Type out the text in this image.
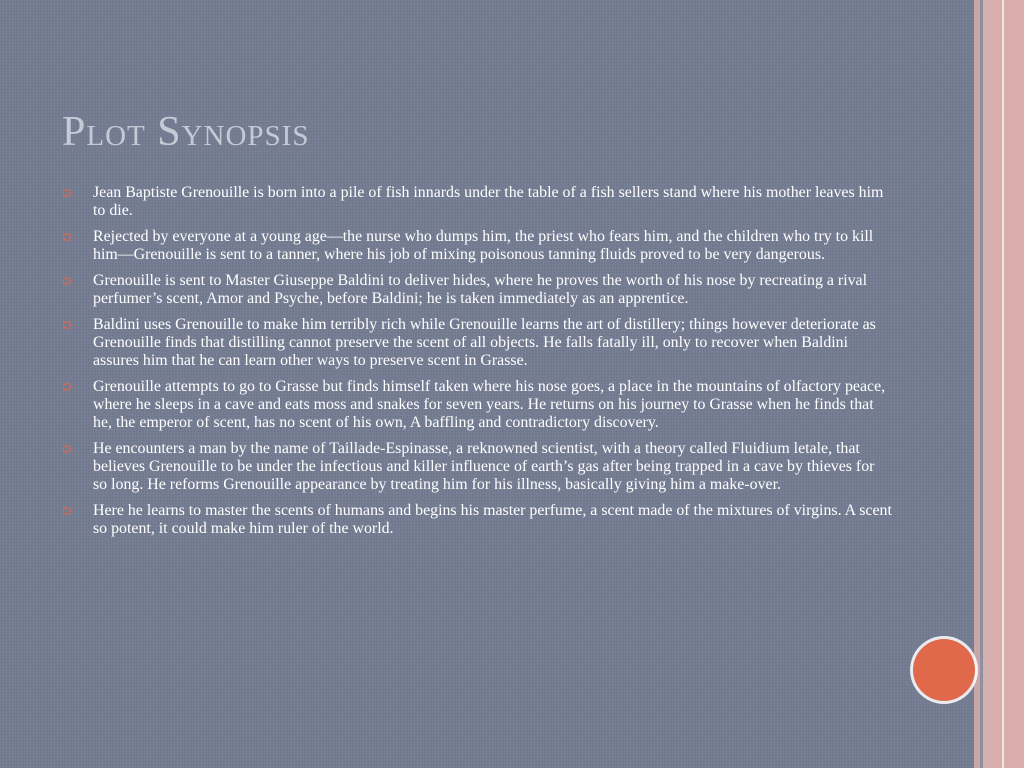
Plot Synopsis
Jean Baptiste Grenouille is born into a pile of fish innards under the table of a fish sellers stand where his mother leaves him to die.
Rejected by everyone at a young age—the nurse who dumps him, the priest who fears him, and the children who try to kill him—Grenouille is sent to a tanner, where his job of mixing poisonous tanning fluids proved to be very dangerous.
Grenouille is sent to Master Giuseppe Baldini to deliver hides, where he proves the worth of his nose by recreating a rival perfumer’s scent, Amor and Psyche, before Baldini; he is taken immediately as an apprentice.
Baldini uses Grenouille to make him terribly rich while Grenouille learns the art of distillery; things however deteriorate as Grenouille finds that distilling cannot preserve the scent of all objects. He falls fatally ill, only to recover when Baldini assures him that he can learn other ways to preserve scent in Grasse.
Grenouille attempts to go to Grasse but finds himself taken where his nose goes, a place in the mountains of olfactory peace, where he sleeps in a cave and eats moss and snakes for seven years. He returns on his journey to Grasse when he finds that he, the emperor of scent, has no scent of his own, A baffling and contradictory discovery.
He encounters a man by the name of Taillade-Espinasse, a reknowned scientist, with a theory called Fluidium letale, that believes Grenouille to be under the infectious and killer influence of earth’s gas after being trapped in a cave by thieves for so long. He reforms Grenouille appearance by treating him for his illness, basically giving him a make-over.
Here he learns to master the scents of humans and begins his master perfume, a scent made of the mixtures of virgins. A scent so potent, it could make him ruler of the world.
